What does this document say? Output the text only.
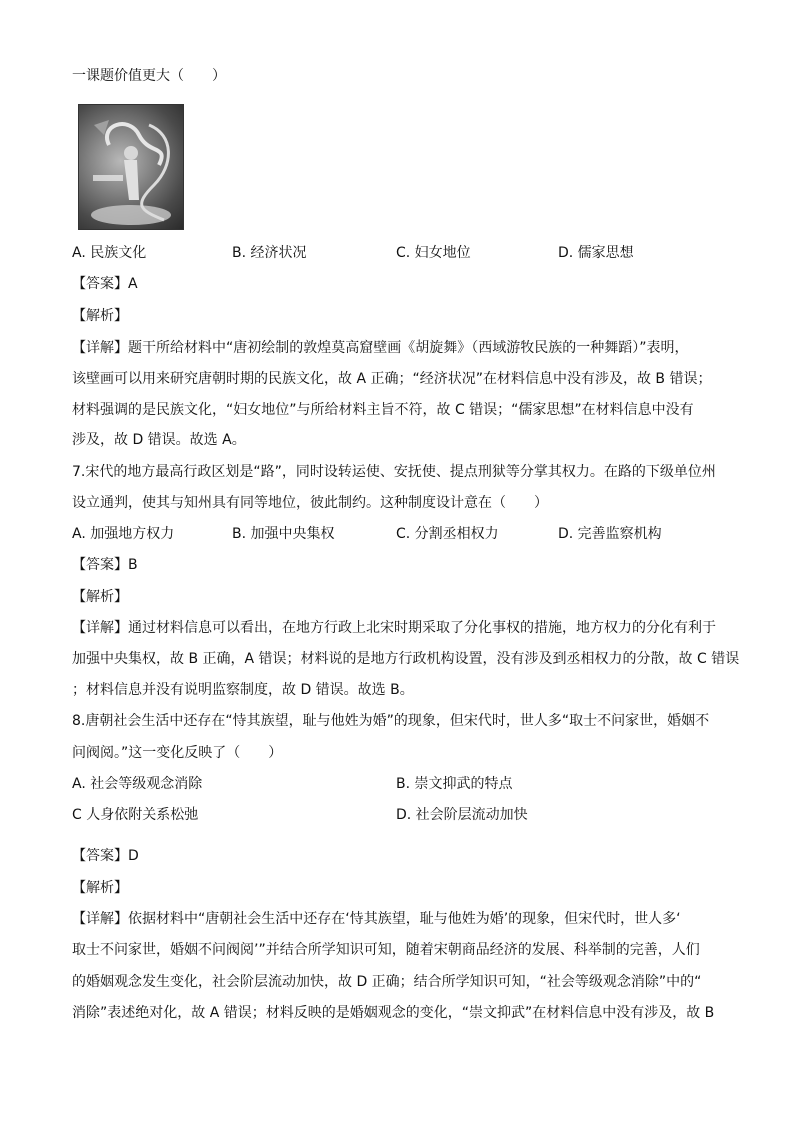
一课题价值更大（　　）
A. 民族文化	B. 经济状况	C. 妇女地位	D. 儒家思想
【答案】A
【解析】
【详解】题干所给材料中“唐初绘制的敦煌莫高窟壁画《胡旋舞》（西域游牧民族的一种舞蹈）”表明，
该壁画可以用来研究唐朝时期的民族文化，故 A 正确；“经济状况”在材料信息中没有涉及，故 B 错误；
材料强调的是民族文化，“妇女地位”与所给材料主旨不符，故 C 错误；“儒家思想”在材料信息中没有
涉及，故 D 错误。故选 A。
7.宋代的地方最高行政区划是“路”，同时设转运使、安抚使、提点刑狱等分掌其权力。在路的下级单位州
设立通判，使其与知州具有同等地位，彼此制约。这种制度设计意在（　　）
A. 加强地方权力	B. 加强中央集权	C. 分割丞相权力	D. 完善监察机构
【答案】B
【解析】
【详解】通过材料信息可以看出，在地方行政上北宋时期采取了分化事权的措施，地方权力的分化有利于
加强中央集权，故 B 正确，A 错误；材料说的是地方行政机构设置，没有涉及到丞相权力的分散，故 C 错误
；材料信息并没有说明监察制度，故 D 错误。故选 B。
8.唐朝社会生活中还存在“恃其族望，耻与他姓为婚”的现象，但宋代时，世人多“取士不问家世，婚姻不
问阀阅。”这一变化反映了（　　）
A. 社会等级观念消除	B. 崇文抑武的特点
C 人身依附关系松弛	D. 社会阶层流动加快
【答案】D
【解析】
【详解】依据材料中“唐朝社会生活中还存在‘恃其族望，耻与他姓为婚’的现象，但宋代时，世人多‘
取士不问家世，婚姻不问阀阅’”并结合所学知识可知，随着宋朝商品经济的发展、科举制的完善，人们
的婚姻观念发生变化，社会阶层流动加快，故 D 正确；结合所学知识可知，“社会等级观念消除”中的“
消除”表述绝对化，故 A 错误；材料反映的是婚姻观念的变化，“崇文抑武”在材料信息中没有涉及，故 B
